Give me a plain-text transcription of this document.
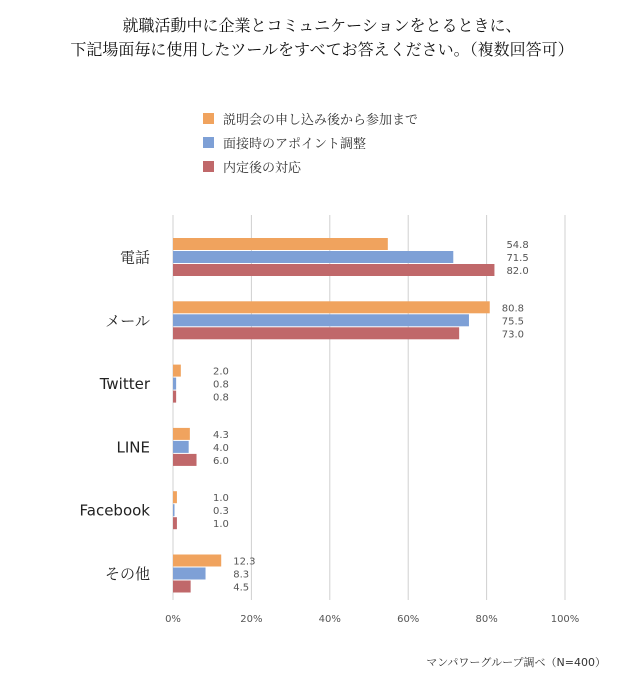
就職活動中に企業とコミュニケーションをとるときに、
下記場面毎に使用したツールをすべてお答えください。（複数回答可）
説明会の申し込み後から参加まで
面接時のアポイント調整
内定後の対応
0%	20%	40%	60%	80%	100%
電話
54.8
71.5
82.0
メール
80.8
75.5
73.0
Twitter
2.0
0.8
0.8
LINE
4.3
4.0
6.0
Facebook
1.0
0.3
1.0
その他
12.3
8.3
4.5
マンパワーグループ調べ（N=400）
